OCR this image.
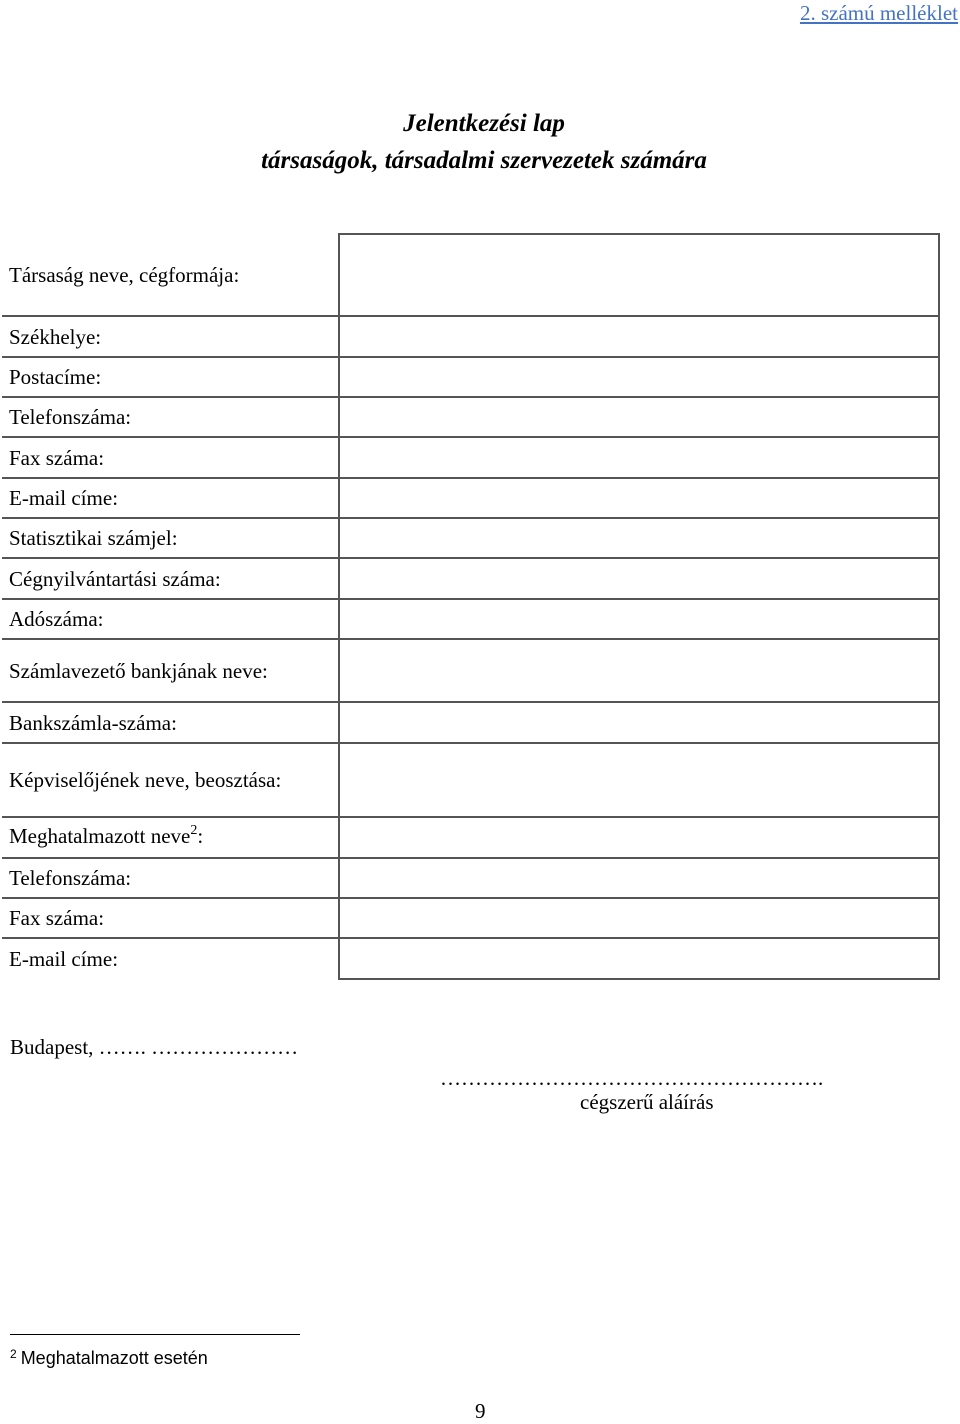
2. számú melléklet
Jelentkezési lap
társaságok, társadalmi szervezetek számára
Társaság neve, cégformája:	
Székhelye:	
Postacíme:	
Telefonszáma:	
Fax száma:	
E-mail címe:	
Statisztikai számjel:	
Cégnyilvántartási száma:	
Adószáma:	
Számlavezető bankjának neve:	
Bankszámla-száma:	
Képviselőjének neve, beosztása:	
Meghatalmazott neve$^2$:	
Telefonszáma:	
Fax száma:	
E-mail címe:	
Budapest, ……. …………………
……………………………………………….
cégszerű aláírás
$^2$ Meghatalmazott esetén
9
